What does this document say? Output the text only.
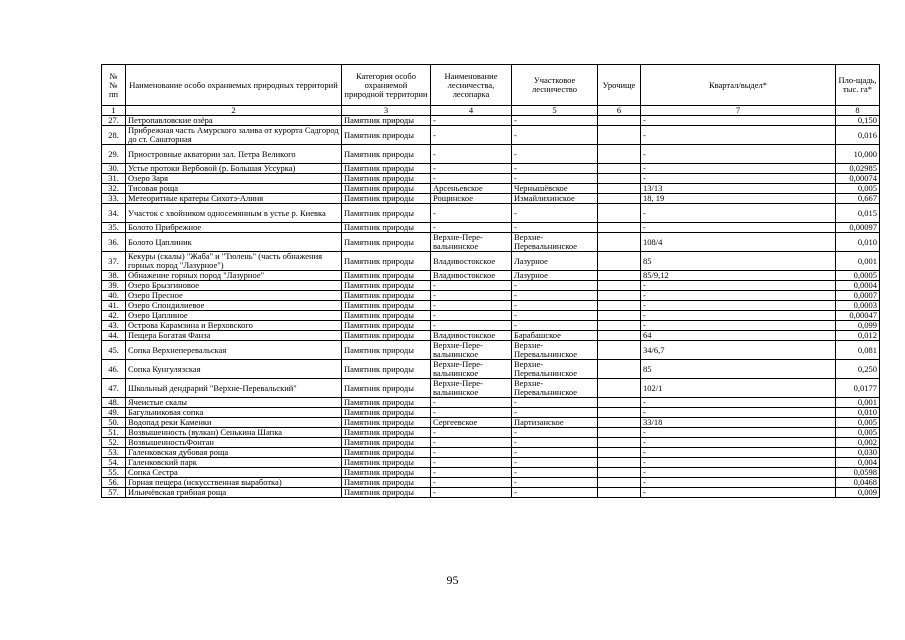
№
№
пп	Наименование особо охраняемых природных территорий	Категория особо охраняемой природной территории	Наименование лесничества, лесопарка	Участковое лесничество	Урочище	Квартал/выдел*	Пло-щадь, тыс. га*
1	2	3	4	5	6	7	8
27.	Петропавловские озёра	Памятник природы	-	-		-	0,150
28.	Прибрежная часть Амурского залива от курорта Садгород до ст. Санаторная	Памятник природы	-	-		-	0,016
29.	Приостровные акватории зал. Петра Великого	Памятник природы	-	-		-	10,000
30.	Устье протоки Вербовой (р. Большая Уссурка)	Памятник природы	-	-		-	0,02985
31.	Озеро Заря	Памятник природы	-	-		-	0,00074
32.	Тисовая роща	Памятник природы	Арсеньевское	Чернышёвское		13/13	0,005
33.	Метеоритные кратеры Сихотэ-Алиня	Памятник природы	Рощинское	Измайлихинское		18, 19	0,667
34.	Участок с хвойником односемянным в устье р. Киевка	Памятник природы	-	-		-	0,015
35.	Болото Прибрежное	Памятник природы	-	-		-	0,00097
36.	Болото Цаплиник	Памятник природы	Верхне-Пере-вальнинское	Верхне-Перевальнинское		108/4	0,010
37.	Кекуры (скалы) "Жаба" и "Тюлень" (часть обнажения горных пород "Лазурное")	Памятник природы	Владивостокское	Лазурное		85	0,001
38.	Обнажение горных пород "Лазурное"	Памятник природы	Владивостокское	Лазурное		85/9,12	0,0005
39.	Озеро Брызгиновое	Памятник природы	-	-		-	0,0004
40.	Озеро Пресное	Памятник природы	-	-		-	0,0007
41.	Озеро Спондилиевое	Памятник природы	-	-		-	0,0003
42.	Озеро Цаплиное	Памятник природы	-	-		-	0,00047
43.	Острова Карамзина и Верховского	Памятник природы	-	-		-	0,099
44.	Пещера Богатая Фанза	Памятник природы	Владивостокское	Барабашское		64	0,012
45.	Сопка Верхнеперевальская	Памятник природы	Верхне-Пере-вальнинское	Верхне-Перевальнинское		34/6,7	0,081
46.	Сопка Кунгулязская	Памятник природы	Верхне-Пере-вальнинское	Верхне-Перевальнинское		85	0,250
47.	Школьный дендрарий "Верхне-Перевальский"	Памятник природы	Верхне-Пере-вальнинское	Верхне-Перевальнинское		102/1	0,0177
48.	Ячеистые скалы	Памятник природы	-	-		-	0,001
49.	Багульниковая сопка	Памятник природы	-	-		-	0,010
50.	Водопад реки Каменки	Памятник природы	Сергеевское	Партизанское		33/18	0,005
51.	Возвышенность (вулкан) Сенькина Шапка	Памятник природы	-	-		-	0,005
52.	ВозвышенностьФонтан	Памятник природы	-	-		-	0,002
53.	Галенковская дубовая роща	Памятник природы	-	-		-	0,030
54.	Галенковский парк	Памятник природы	-	-		-	0,004
55.	Сопка Сестра	Памятник природы	-	-		-	0,0598
56.	Горная пещера (искусственная выработка)	Памятник природы	-	-		-	0,0468
57.	Ильичёвская грибная роща	Памятник природы	-	-		-	0,009
95
